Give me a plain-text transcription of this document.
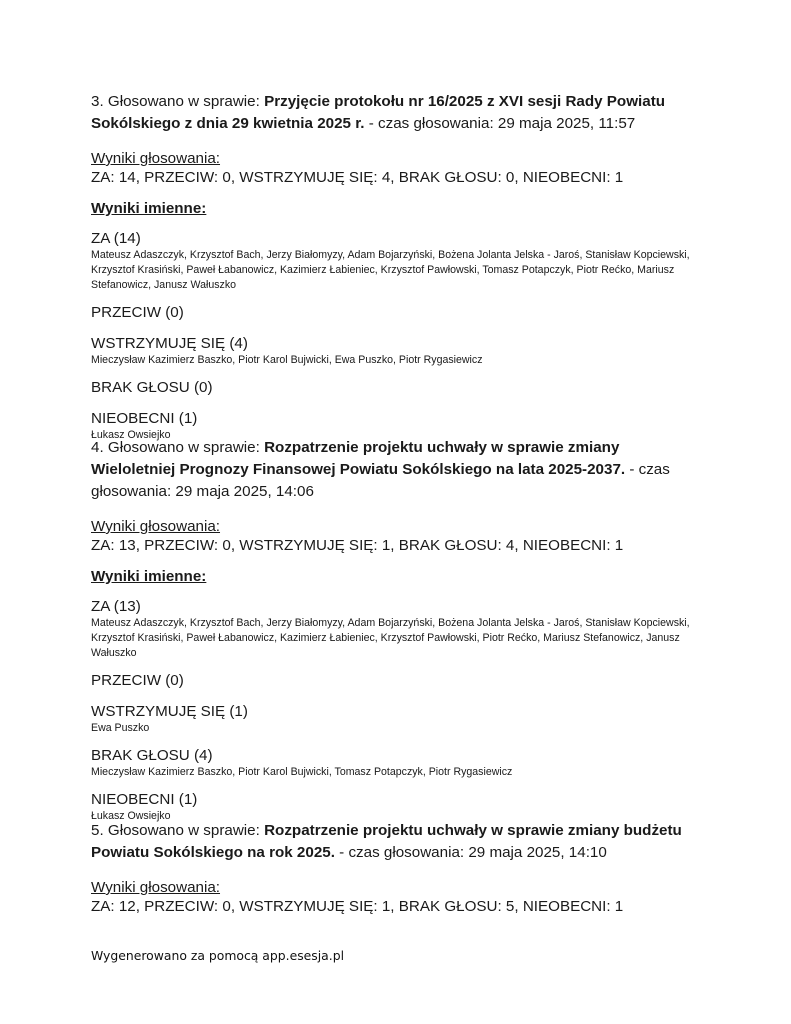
3. Głosowano w sprawie: Przyjęcie protokołu nr 16/2025 z XVI sesji Rady Powiatu Sokólskiego z dnia 29 kwietnia 2025 r. - czas głosowania: 29 maja 2025, 11:57

Wyniki głosowania:

ZA: 14, PRZECIW: 0, WSTRZYMUJĘ SIĘ: 4, BRAK GŁOSU: 0, NIEOBECNI: 1

Wyniki imienne:

ZA (14)

Mateusz Adaszczyk, Krzysztof Bach, Jerzy Białomyzy, Adam Bojarzyński, Bożena Jolanta Jelska - Jaroś, Stanisław Kopciewski, Krzysztof Krasiński, Paweł Łabanowicz, Kazimierz Łabieniec, Krzysztof Pawłowski, Tomasz Potapczyk, Piotr Rećko, Mariusz Stefanowicz, Janusz Wałuszko

PRZECIW (0)

WSTRZYMUJĘ SIĘ (4)

Mieczysław Kazimierz Baszko, Piotr Karol Bujwicki, Ewa Puszko, Piotr Rygasiewicz

BRAK GŁOSU (0)

NIEOBECNI (1)

Łukasz Owsiejko

4. Głosowano w sprawie: Rozpatrzenie projektu uchwały w sprawie zmiany Wieloletniej Prognozy Finansowej Powiatu Sokólskiego na lata 2025-2037. - czas głosowania: 29 maja 2025, 14:06

Wyniki głosowania:

ZA: 13, PRZECIW: 0, WSTRZYMUJĘ SIĘ: 1, BRAK GŁOSU: 4, NIEOBECNI: 1

Wyniki imienne:

ZA (13)

Mateusz Adaszczyk, Krzysztof Bach, Jerzy Białomyzy, Adam Bojarzyński, Bożena Jolanta Jelska - Jaroś, Stanisław Kopciewski, Krzysztof Krasiński, Paweł Łabanowicz, Kazimierz Łabieniec, Krzysztof Pawłowski, Piotr Rećko, Mariusz Stefanowicz, Janusz Wałuszko

PRZECIW (0)

WSTRZYMUJĘ SIĘ (1)

Ewa Puszko

BRAK GŁOSU (4)

Mieczysław Kazimierz Baszko, Piotr Karol Bujwicki, Tomasz Potapczyk, Piotr Rygasiewicz

NIEOBECNI (1)

Łukasz Owsiejko

5. Głosowano w sprawie: Rozpatrzenie projektu uchwały w sprawie zmiany budżetu Powiatu Sokólskiego na rok 2025. - czas głosowania: 29 maja 2025, 14:10

Wyniki głosowania:

ZA: 12, PRZECIW: 0, WSTRZYMUJĘ SIĘ: 1, BRAK GŁOSU: 5, NIEOBECNI: 1

Wygenerowano za pomocą app.esesja.pl
